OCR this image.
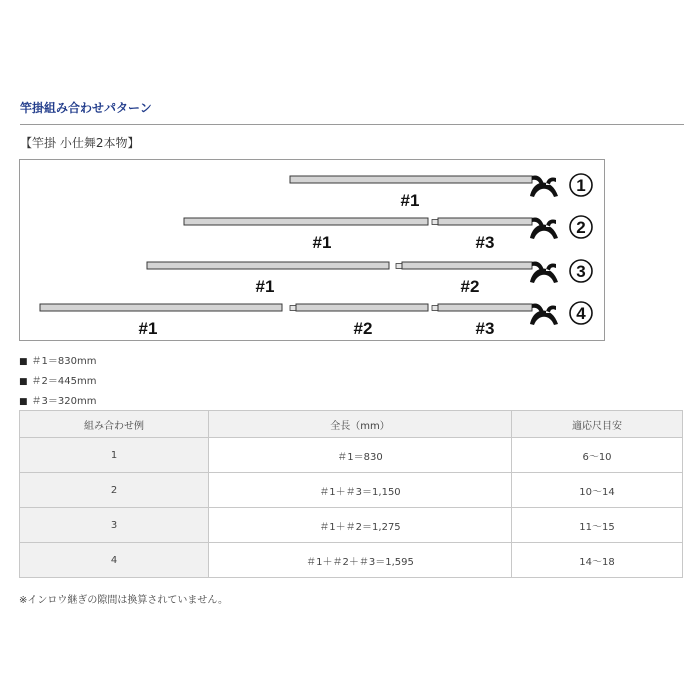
竿掛組み合わせパターン
【竿掛 小仕舞2本物】
#1
1
#1	#3
2
#1	#2
3
#1	#2	#3
4
■ ＃1＝830mm
■ ＃2＝445mm
■ ＃3＝320mm
組み合わせ例	全長（mm）	適応尺目安
1	＃1＝830	6〜10
2	＃1＋＃3＝1,150	10〜14
3	＃1＋＃2＝1,275	11〜15
4	＃1＋＃2＋＃3＝1,595	14〜18
※インロウ継ぎの隙間は換算されていません。
